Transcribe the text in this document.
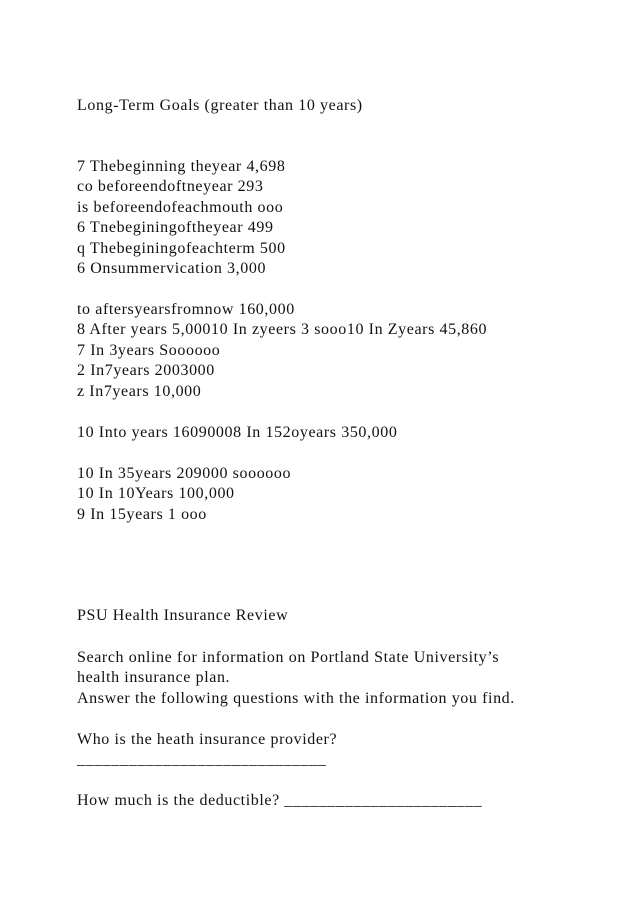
Long-Term Goals (greater than 10 years)

7 Thebeginning theyear 4,698

co beforeendoftneyear 293

is beforeendofeachmouth ooo

6 Tnebeginingoftheyear 499

q Thebeginingofeachterm 500

6 Onsummervication 3,000

to aftersyearsfromnow 160,000

8 After years 5,00010 In zyeers 3 sooo10 In Zyears 45,860

7 In 3years Soooooo

2 In7years 2003000

z In7years 10,000

10 Into years 16090008 In 152oyears 350,000

10 In 35years 209000 soooooo

10 In 10Years 100,000

9 In 15years 1 ooo

PSU Health Insurance Review

Search online for information on Portland State University’s

health insurance plan.

Answer the following questions with the information you find.

Who is the heath insurance provider?

_____________________________

How much is the deductible? _______________________
